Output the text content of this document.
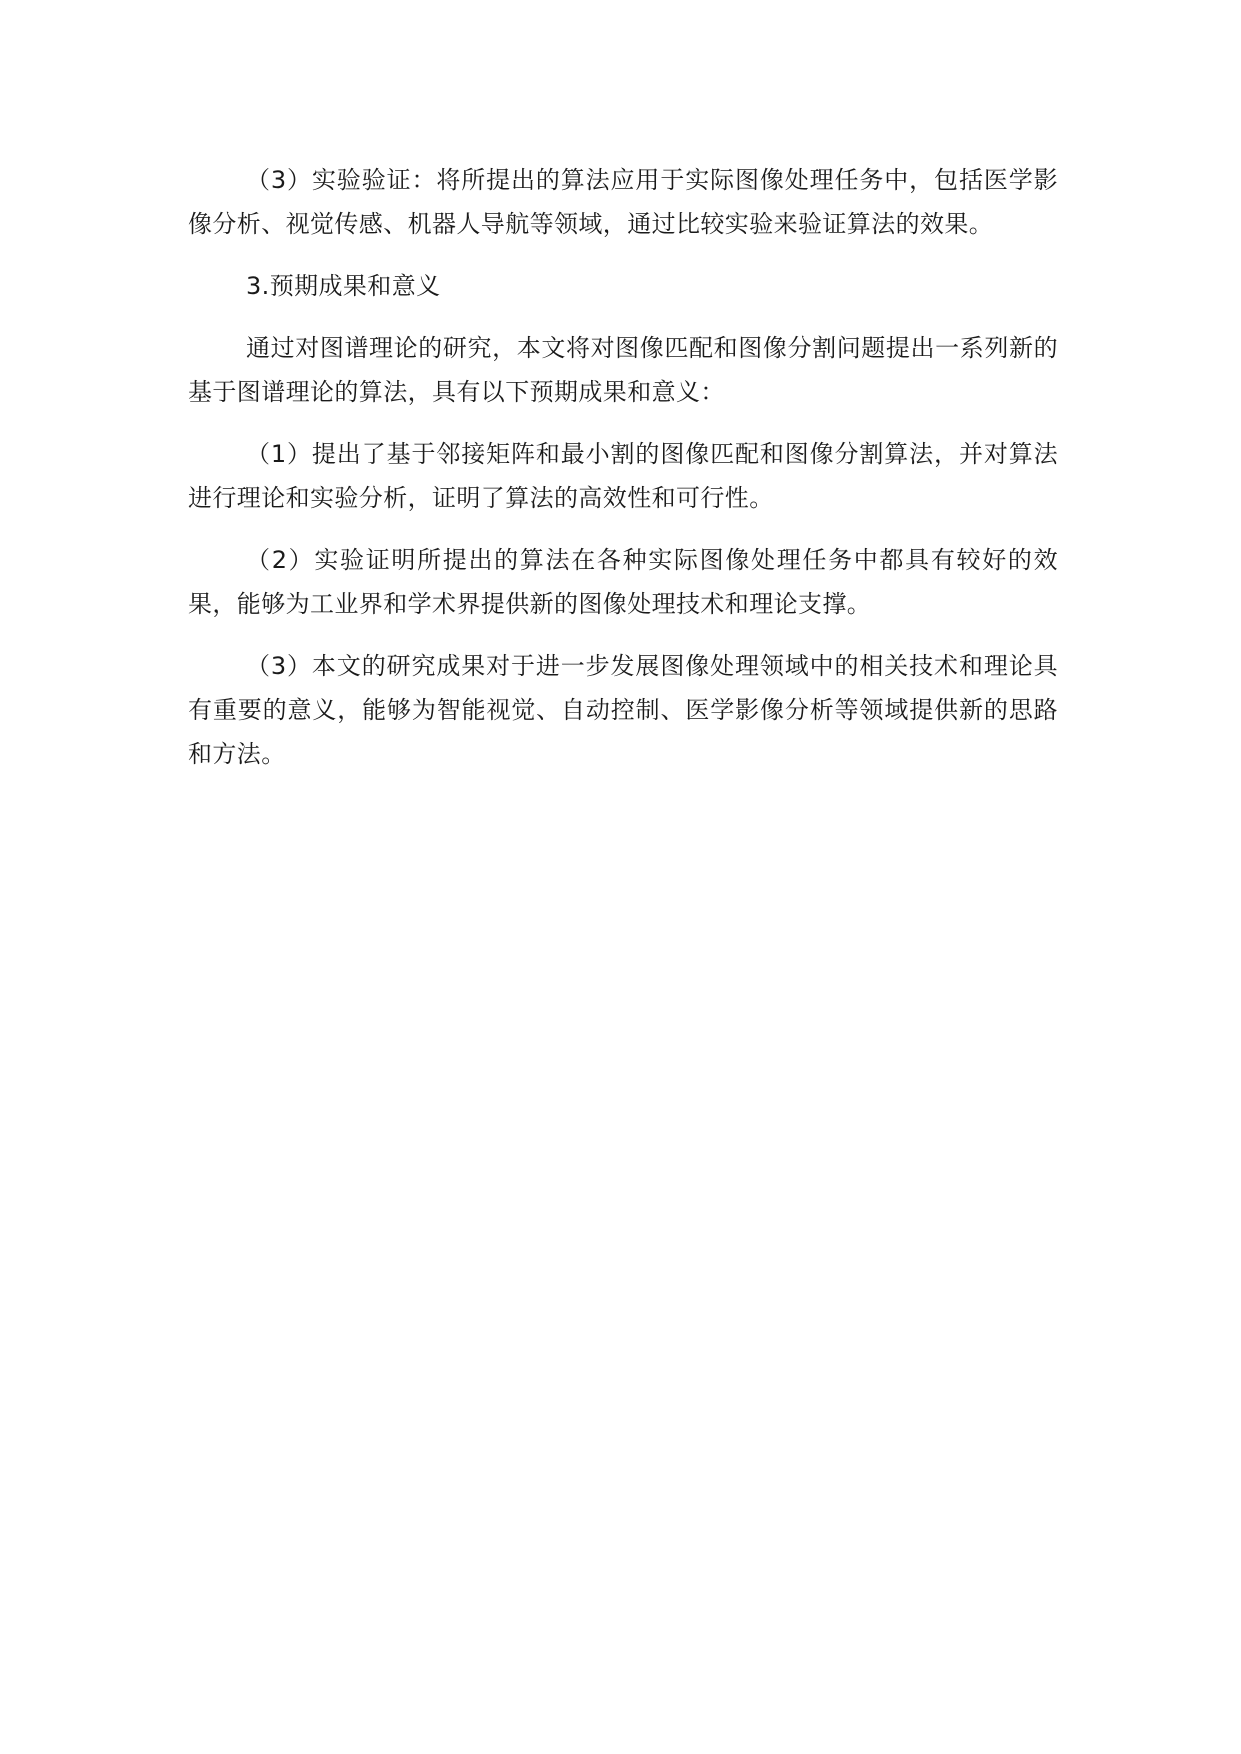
（3）实验验证：将所提出的算法应用于实际图像处理任务中，包括医学影像分析、视觉传感、机器人导航等领域，通过比较实验来验证算法的效果。

3.预期成果和意义

通过对图谱理论的研究，本文将对图像匹配和图像分割问题提出一系列新的基于图谱理论的算法，具有以下预期成果和意义：

（1）提出了基于邻接矩阵和最小割的图像匹配和图像分割算法，并对算法进行理论和实验分析，证明了算法的高效性和可行性。

（2）实验证明所提出的算法在各种实际图像处理任务中都具有较好的效果，能够为工业界和学术界提供新的图像处理技术和理论支撑。

（3）本文的研究成果对于进一步发展图像处理领域中的相关技术和理论具有重要的意义，能够为智能视觉、自动控制、医学影像分析等领域提供新的思路和方法。
